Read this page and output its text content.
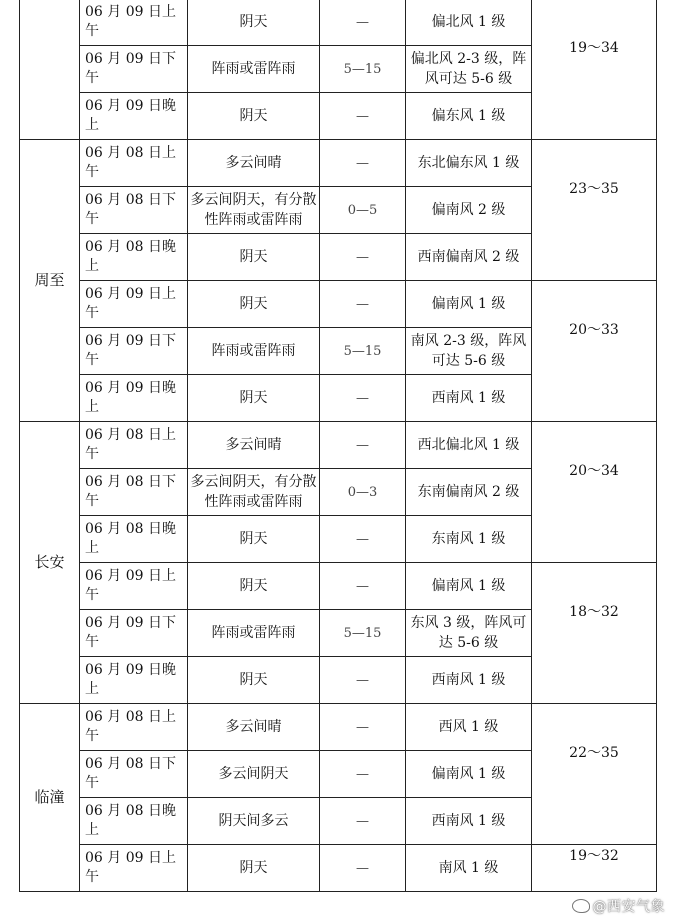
	06 月 09 日上午	阴天	—	偏北风 1 级	19～34
	06 月 09 日下午	阵雨或雷阵雨	5—15	偏北风 2-3 级，阵风可达 5-6 级	
	06 月 09 日晚上	阴天	—	偏东风 1 级	
周至	06 月 08 日上午	多云间晴	—	东北偏东风 1 级	23～35
	06 月 08 日下午	多云间阴天，有分散性阵雨或雷阵雨	0—5	偏南风 2 级	
	06 月 08 日晚上	阴天	—	西南偏南风 2 级	
	06 月 09 日上午	阴天	—	偏南风 1 级	20～33
	06 月 09 日下午	阵雨或雷阵雨	5—15	南风 2-3 级，阵风可达 5-6 级	
	06 月 09 日晚上	阴天	—	西南风 1 级	
长安	06 月 08 日上午	多云间晴	—	西北偏北风 1 级	20～34
	06 月 08 日下午	多云间阴天，有分散性阵雨或雷阵雨	0—3	东南偏南风 2 级	
	06 月 08 日晚上	阴天	—	东南风 1 级	
	06 月 09 日上午	阴天	—	偏南风 1 级	18～32
	06 月 09 日下午	阵雨或雷阵雨	5—15	东风 3 级，阵风可达 5-6 级	
	06 月 09 日晚上	阴天	—	西南风 1 级	
临潼	06 月 08 日上午	多云间晴	—	西风 1 级	22～35
	06 月 08 日下午	多云间阴天	—	偏南风 1 级	
	06 月 08 日晚上	阴天间多云	—	西南风 1 级	
	06 月 09 日上午	阴天	—	南风 1 级	19～32
@西安气象
